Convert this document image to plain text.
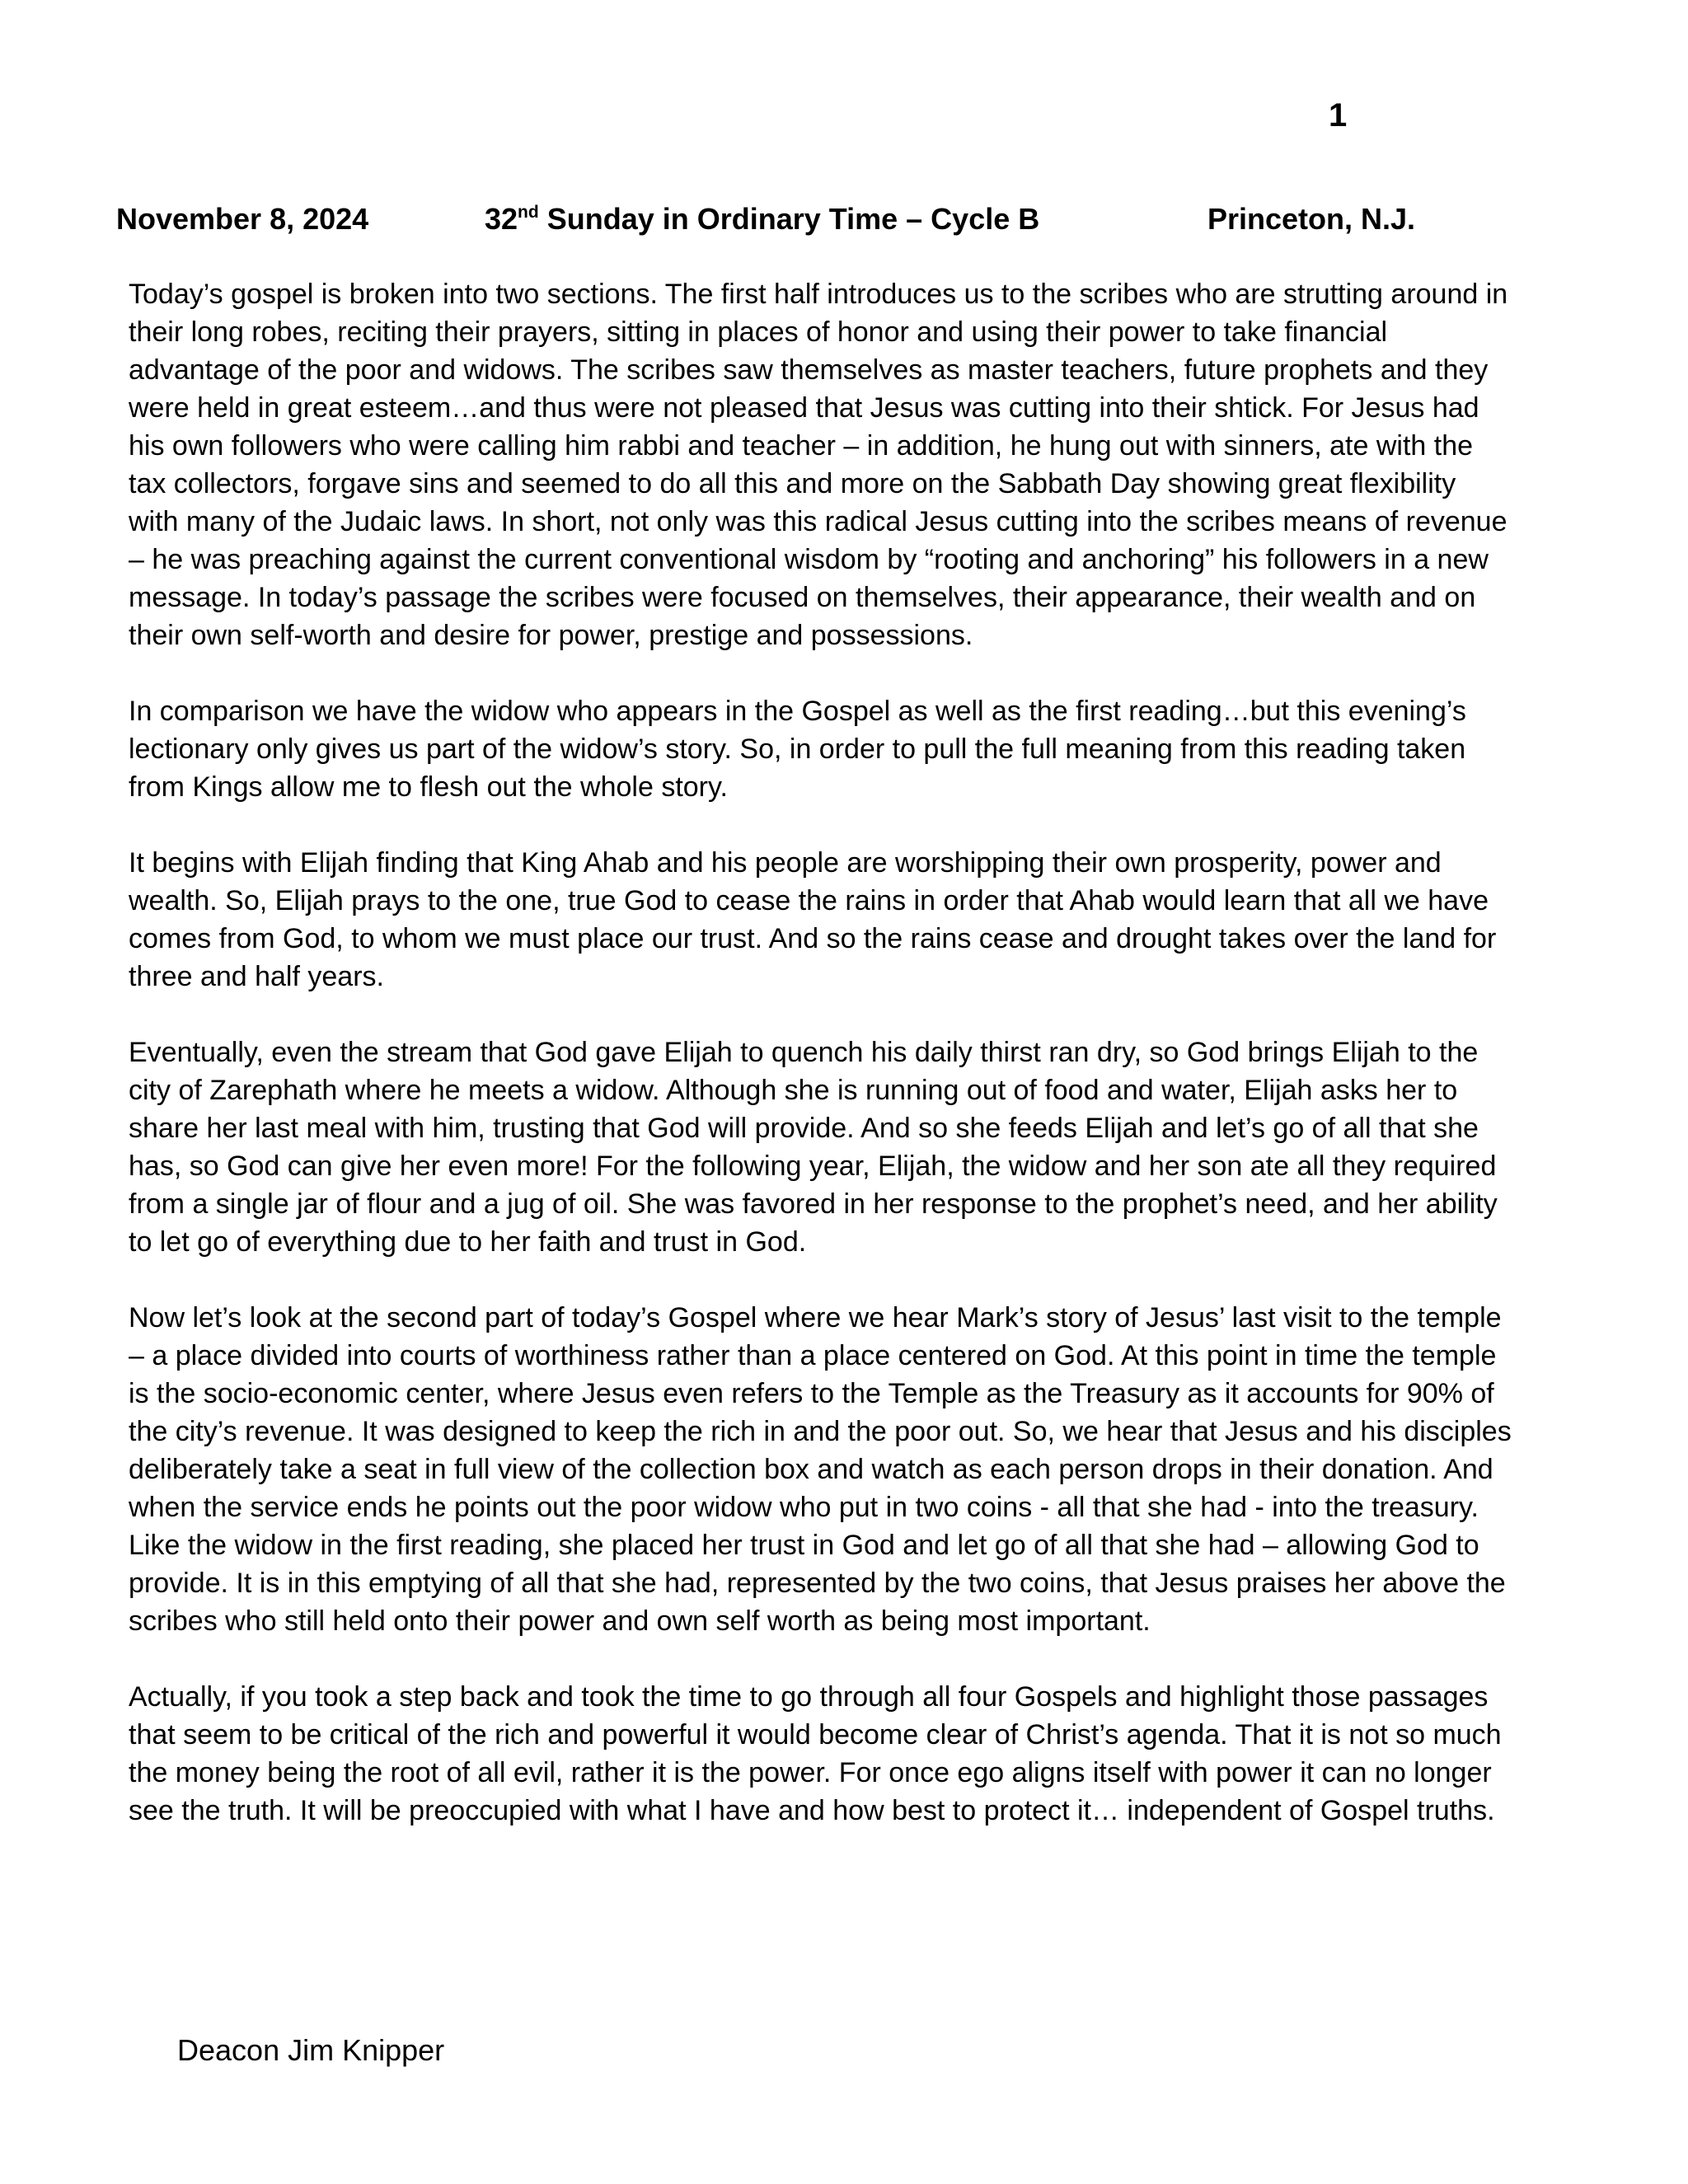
1
November 8, 2024	32nd Sunday in Ordinary Time – Cycle B	Princeton, N.J.

Today’s gospel is broken into two sections. The first half introduces us to the scribes who are strutting around in their long robes, reciting their prayers, sitting in places of honor and using their power to take financial advantage of the poor and widows. The scribes saw themselves as master teachers, future prophets and they were held in great esteem…and thus were not pleased that Jesus was cutting into their shtick. For Jesus had his own followers who were calling him rabbi and teacher – in addition, he hung out with sinners, ate with the tax collectors, forgave sins and seemed to do all this and more on the Sabbath Day showing great flexibility with many of the Judaic laws. In short, not only was this radical Jesus cutting into the scribes means of revenue – he was preaching against the current conventional wisdom by “rooting and anchoring” his followers in a new message. In today’s passage the scribes were focused on themselves, their appearance, their wealth and on their own self-worth and desire for power, prestige and possessions.

In comparison we have the widow who appears in the Gospel as well as the first reading…but this evening’s lectionary only gives us part of the widow’s story. So, in order to pull the full meaning from this reading taken from Kings allow me to flesh out the whole story.

It begins with Elijah finding that King Ahab and his people are worshipping their own prosperity, power and wealth. So, Elijah prays to the one, true God to cease the rains in order that Ahab would learn that all we have comes from God, to whom we must place our trust. And so the rains cease and drought takes over the land for three and half years.

Eventually, even the stream that God gave Elijah to quench his daily thirst ran dry, so God brings Elijah to the city of Zarephath where he meets a widow. Although she is running out of food and water, Elijah asks her to share her last meal with him, trusting that God will provide. And so she feeds Elijah and let’s go of all that she has, so God can give her even more! For the following year, Elijah, the widow and her son ate all they required from a single jar of flour and a jug of oil. She was favored in her response to the prophet’s need, and her ability to let go of everything due to her faith and trust in God.

Now let’s look at the second part of today’s Gospel where we hear Mark’s story of Jesus’ last visit to the temple – a place divided into courts of worthiness rather than a place centered on God. At this point in time the temple is the socio-economic center, where Jesus even refers to the Temple as the Treasury as it accounts for 90% of the city’s revenue. It was designed to keep the rich in and the poor out. So, we hear that Jesus and his disciples deliberately take a seat in full view of the collection box and watch as each person drops in their donation. And when the service ends he points out the poor widow who put in two coins - all that she had - into the treasury. Like the widow in the first reading, she placed her trust in God and let go of all that she had – allowing God to provide. It is in this emptying of all that she had, represented by the two coins, that Jesus praises her above the scribes who still held onto their power and own self worth as being most important.

Actually, if you took a step back and took the time to go through all four Gospels and highlight those passages that seem to be critical of the rich and powerful it would become clear of Christ’s agenda. That it is not so much the money being the root of all evil, rather it is the power. For once ego aligns itself with power it can no longer see the truth. It will be preoccupied with what I have and how best to protect it… independent of Gospel truths.

Deacon Jim Knipper
